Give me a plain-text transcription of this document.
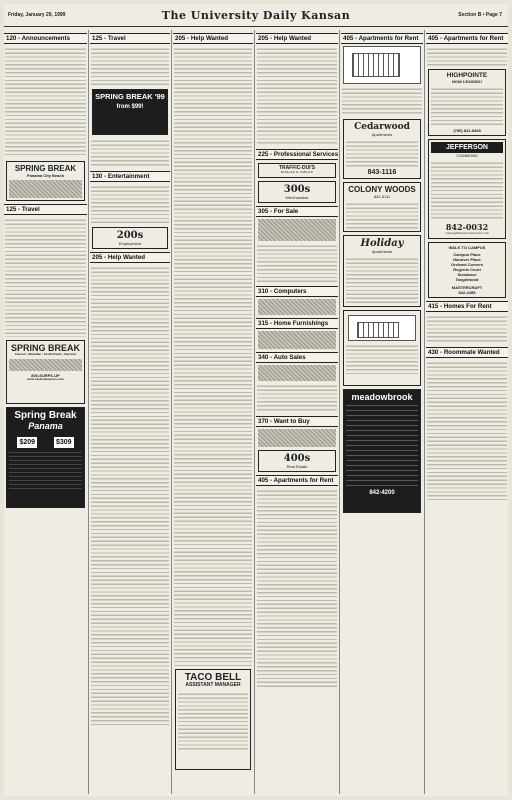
Friday, January 29, 1999	The University Daily Kansan	Section B • Page 7
120 - Announcements
SPRING BREAK
Panama City Beach
125 - Travel
SPRING BREAK
Cancun • Mazatlan • South Padre • Daytona
800-SURFS-UP
www.studentexpress.com
Spring Break
Panama
$209	$309
125 - Travel
SPRING BREAK '99
from $99!
130 - Entertainment
200s
Employment
205 - Help Wanted
205 - Help Wanted
TACO BELL
ASSISTANT MANAGER
205 - Help Wanted
225 - Professional Services
TRAFFIC-DUI'S
DONALD G. STROLE
300s
Merchandise
305 - For Sale
310 - Computers
315 - Home Furnishings
340 - Auto Sales
370 - Want to Buy
400s
Real Estate
405 - Apartments for Rent
405 - Apartments for Rent
Cedarwood
Apartments
843-1116
COLONY WOODS
842-5111
Holiday
Apartments
meadowbrook
842-4200
405 - Apartments for Rent
HIGHPOINTE
NOW LEASING!
(785) 841-8468
JEFFERSON
COMMONS
842-0032
www.jeffersoncommons.com
WALK TO CAMPUS
Campus Place
Hanover Place
Orchard Corners
Regents Court
Sundance
Tanglewood
MASTERCRAFT
842-4455
415 - Homes For Rent
430 - Roommate Wanted
